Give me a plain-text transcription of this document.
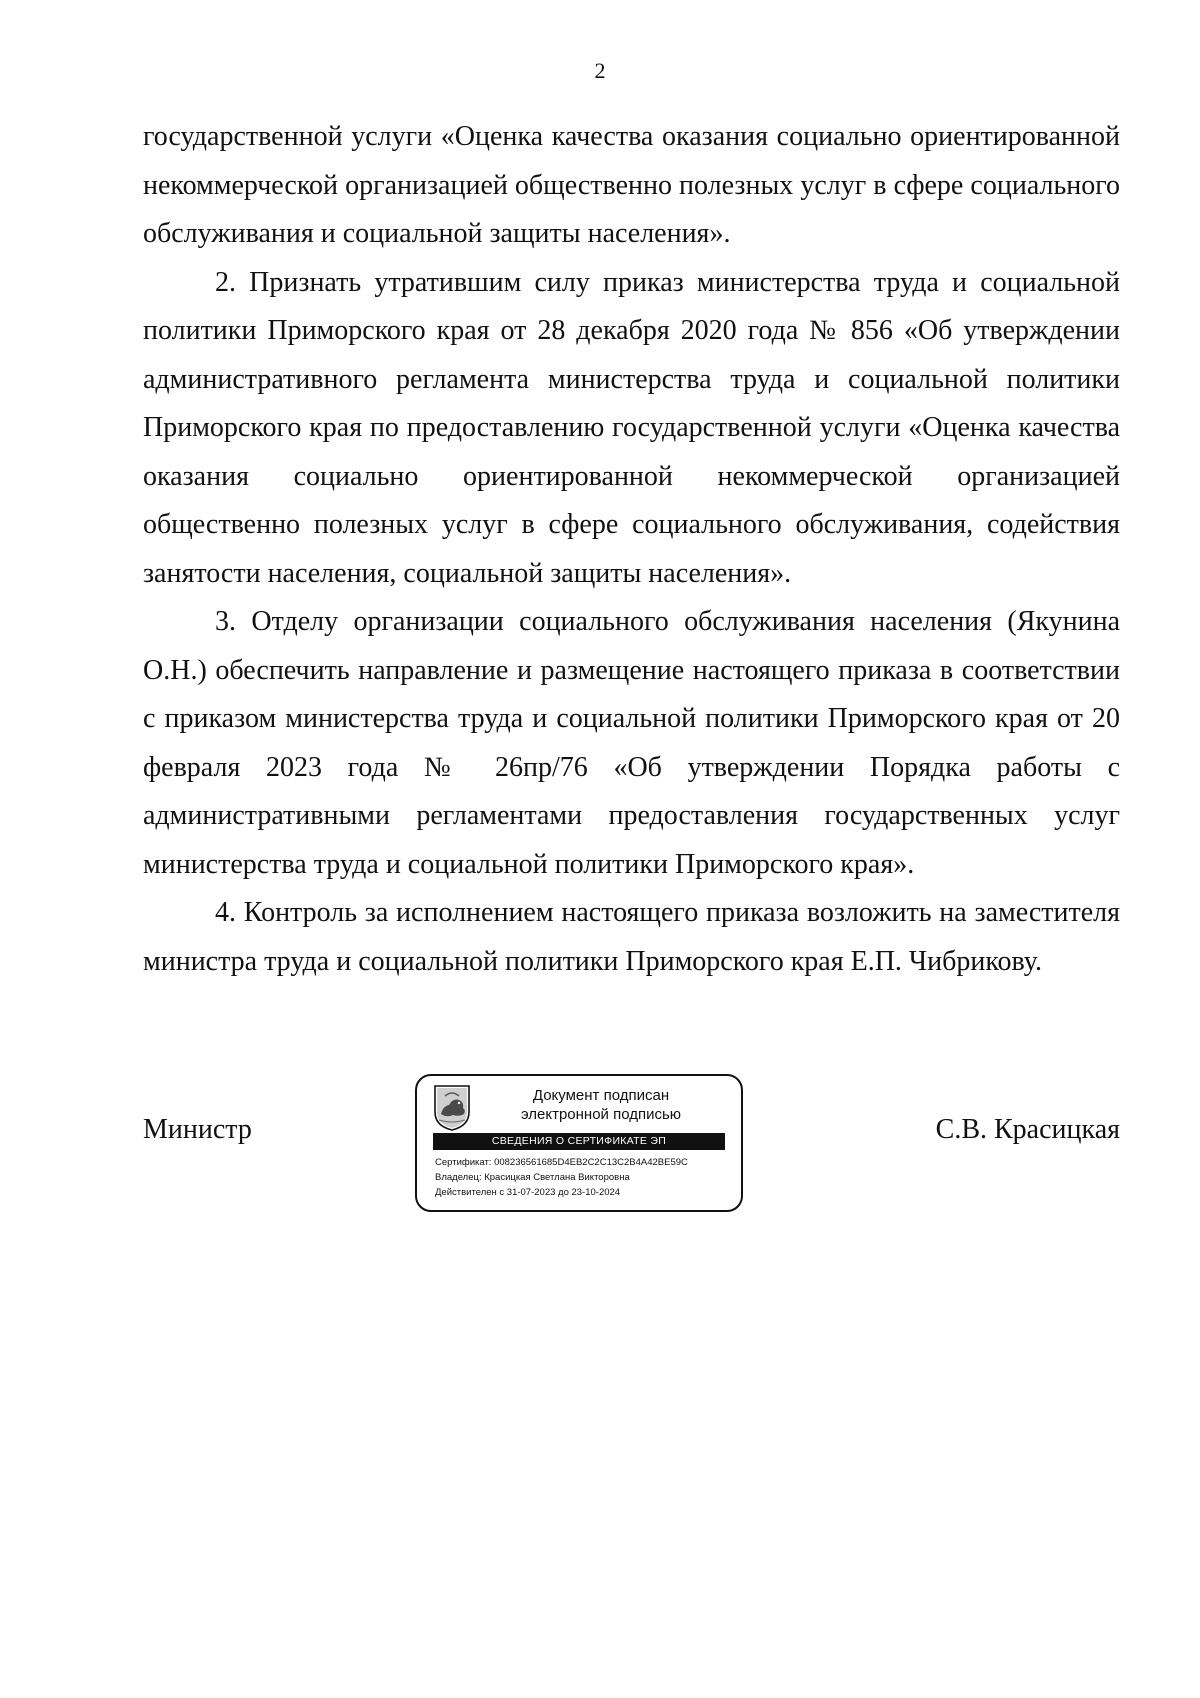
2

государственной услуги «Оценка качества оказания социально ориентированной некоммерческой организацией общественно полезных услуг в сфере социального обслуживания и социальной защиты населения».

2. Признать утратившим силу приказ министерства труда и социальной политики Приморского края от 28 декабря 2020 года № 856 «Об утверждении административного регламента министерства труда и социальной политики Приморского края по предоставлению государственной услуги «Оценка качества оказания социально ориентированной некоммерческой организацией общественно полезных услуг в сфере социального обслуживания, содействия занятости населения, социальной защиты населения».

3. Отделу организации социального обслуживания населения (Якунина О.Н.) обеспечить направление и размещение настоящего приказа в соответствии с приказом министерства труда и социальной политики Приморского края от 20 февраля 2023 года № 26пр/76 «Об утверждении Порядка работы с административными регламентами предоставления государственных услуг министерства труда и социальной политики Приморского края».

4. Контроль за исполнением настоящего приказа возложить на заместителя министра труда и социальной политики Приморского края Е.П. Чибрикову.

Министр
Документ подписан
электронной подписью
СВЕДЕНИЯ О СЕРТИФИКАТЕ ЭП
Сертификат: 008236561685D4EB2C2C13C2B4A42BE59C
Владелец: Красицкая Светлана Викторовна
Действителен с 31-07-2023 до 23-10-2024
С.В. Красицкая
